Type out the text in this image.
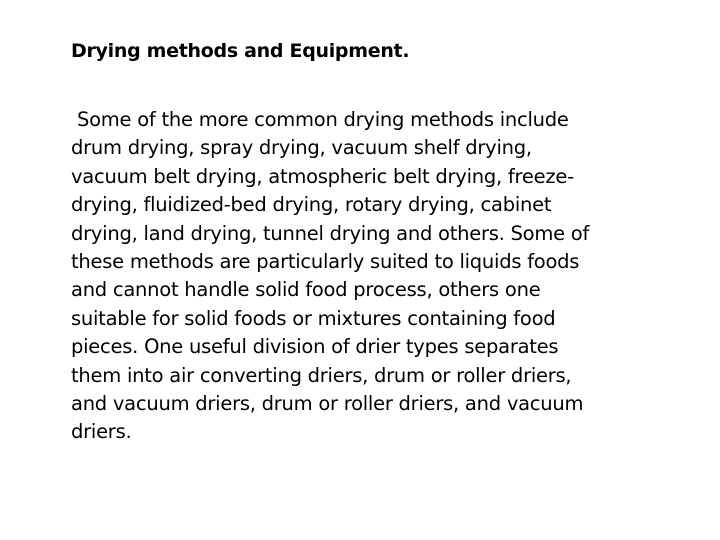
Drying methods and Equipment.

Some of the more common drying methods include
drum drying, spray drying, vacuum shelf drying,
vacuum belt drying, atmospheric belt drying, freeze-
drying, fluidized-bed drying, rotary drying, cabinet
drying, land drying, tunnel drying and others. Some of
these methods are particularly suited to liquids foods
and cannot handle solid food process, others one
suitable for solid foods or mixtures containing food
pieces. One useful division of drier types separates
them into air converting driers, drum or roller driers,
and vacuum driers, drum or roller driers, and vacuum
driers.
